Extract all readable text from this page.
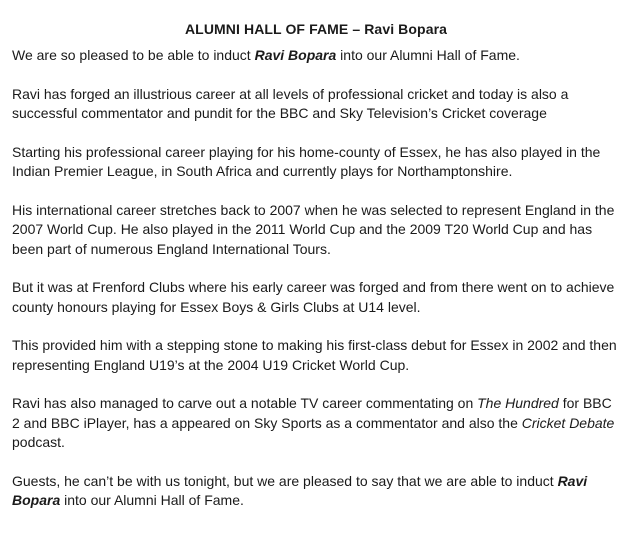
ALUMNI HALL OF FAME – Ravi Bopara
We are so pleased to be able to induct Ravi Bopara into our Alumni Hall of Fame.
Ravi has forged an illustrious career at all levels of professional cricket and today is also a successful commentator and pundit for the BBC and Sky Television’s Cricket coverage
Starting his professional career playing for his home-county of Essex, he has also played in the Indian Premier League, in South Africa and currently plays for Northamptonshire.
His international career stretches back to 2007 when he was selected to represent England in the 2007 World Cup. He also played in the 2011 World Cup and the 2009 T20 World Cup and has been part of numerous England International Tours.
But it was at Frenford Clubs where his early career was forged and from there went on to achieve county honours playing for Essex Boys & Girls Clubs at U14 level.
This provided him with a stepping stone to making his first-class debut for Essex in 2002 and then representing England U19’s at the 2004 U19 Cricket World Cup.
Ravi has also managed to carve out a notable TV career commentating on The Hundred for BBC 2 and BBC iPlayer, has a appeared on Sky Sports as a commentator and also the Cricket Debate podcast.
Guests, he can’t be with us tonight, but we are pleased to say that we are able to induct Ravi Bopara into our Alumni Hall of Fame.
